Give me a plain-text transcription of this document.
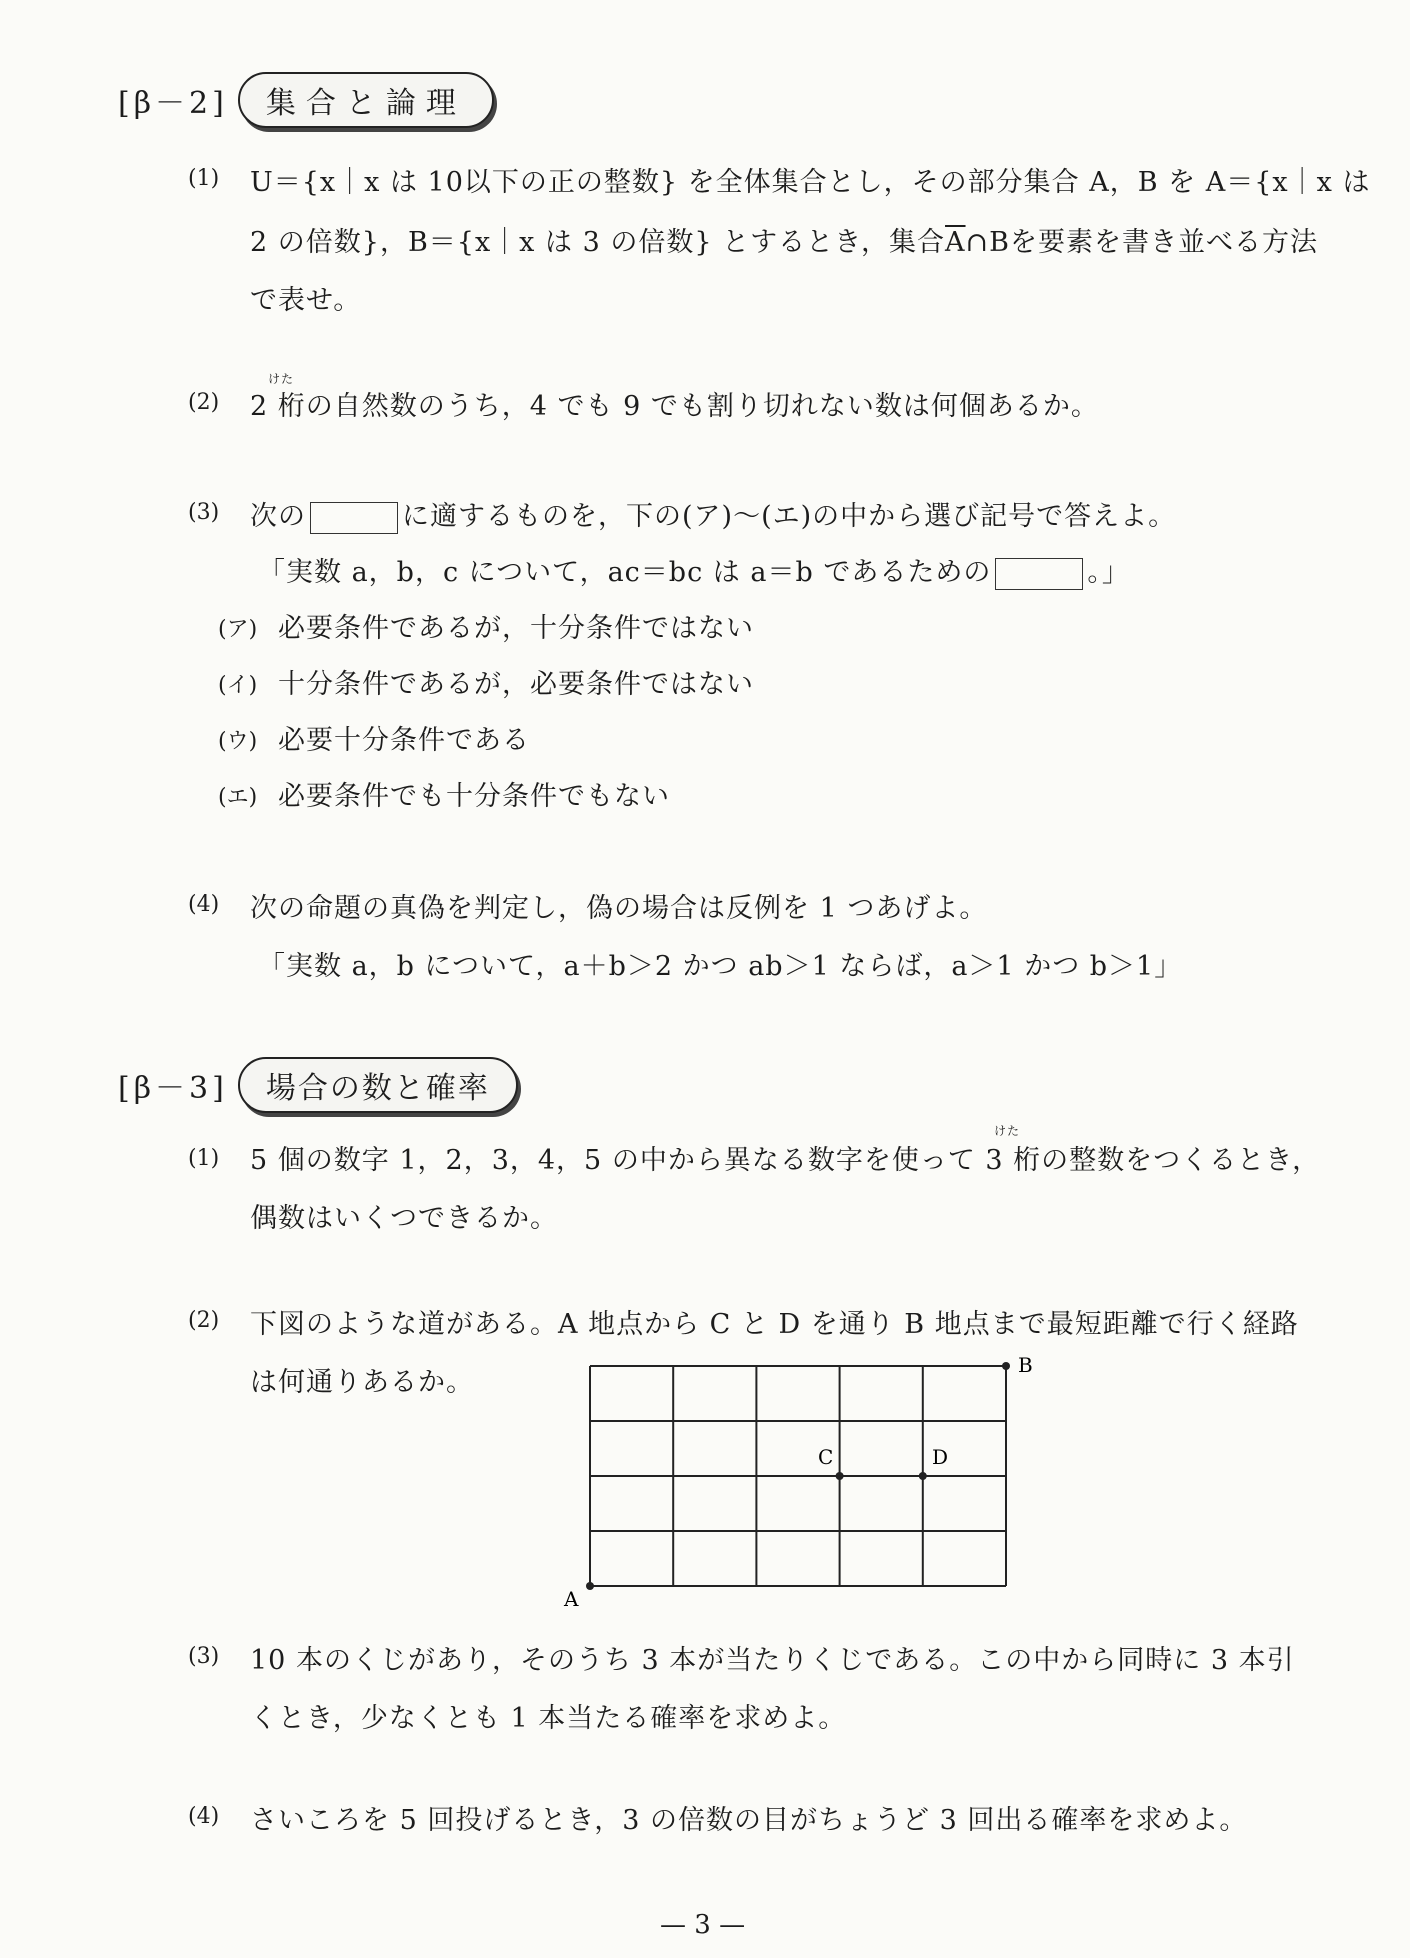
[β－2]	集合と論理
(1) U＝{x｜x は 10以下の正の整数} を全体集合とし，その部分集合 A，B を A＝{x｜x は
2 の倍数}，B＝{x｜x は 3 の倍数} とするとき，集合$\overline{A}\cap B$を要素を書き並べる方法
で表せ。
(2)
けた
2 桁の自然数のうち，4 でも 9 でも割り切れない数は何個あるか。
(3) 次の	に適するものを，下の(ア)～(エ)の中から選び記号で答えよ。
「実数 a，b，c について，ac＝bc は a＝b であるための	。」
(ア) 必要条件であるが，十分条件ではない
(イ) 十分条件であるが，必要条件ではない
(ウ) 必要十分条件である
(エ) 必要条件でも十分条件でもない
(4) 次の命題の真偽を判定し，偽の場合は反例を 1 つあげよ。
「実数 a，b について，a＋b＞2 かつ ab＞1 ならば，a＞1 かつ b＞1」
[β－3]	場合の数と確率
(1)
けた
5 個の数字 1，2，3，4，5 の中から異なる数字を使って 3 桁の整数をつくるとき，
偶数はいくつできるか。
(2) 下図のような道がある。A 地点から C と D を通り B 地点まで最短距離で行く経路
は何通りあるか。
A
B
C	D
(3) 10 本のくじがあり，そのうち 3 本が当たりくじである。この中から同時に 3 本引
くとき，少なくとも 1 本当たる確率を求めよ。
(4) さいころを 5 回投げるとき，3 の倍数の目がちょうど 3 回出る確率を求めよ。
— 3 —
